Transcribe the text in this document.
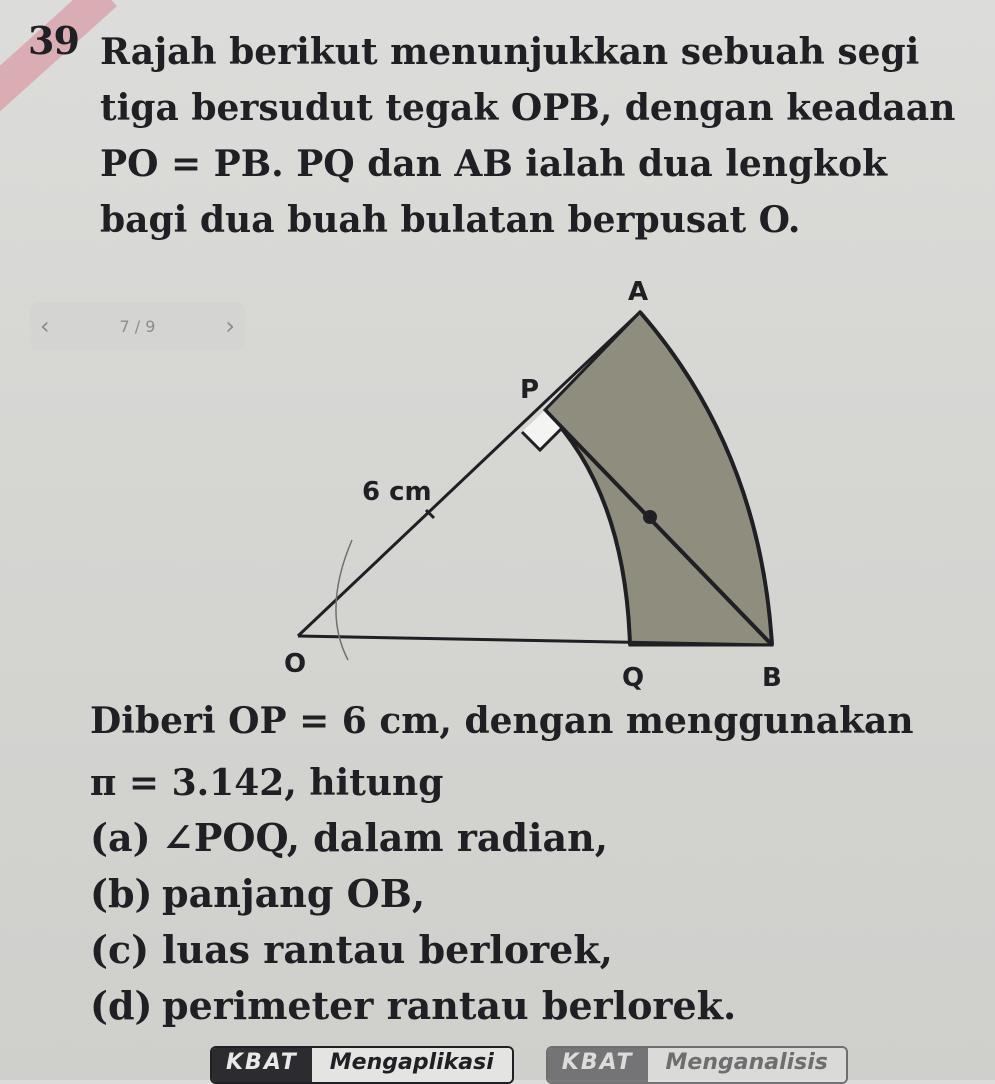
39 Rajah berikut menunjukkan sebuah segi
tiga bersudut tegak OPB, dengan keadaan
PO = PB. PQ dan AB ialah dua lengkok
bagi dua buah bulatan berpusat O.
‹	7 / 9	›
A
P
6 cm
O	Q	B
Diberi OP = 6 cm, dengan menggunakan
π = 3.142, hitung
(a) ∠POQ, dalam radian,
(b) panjang OB,
(c) luas rantau berlorek,
(d) perimeter rantau berlorek.
KBAT	Mengaplikasi	KBAT	Menganalisis
